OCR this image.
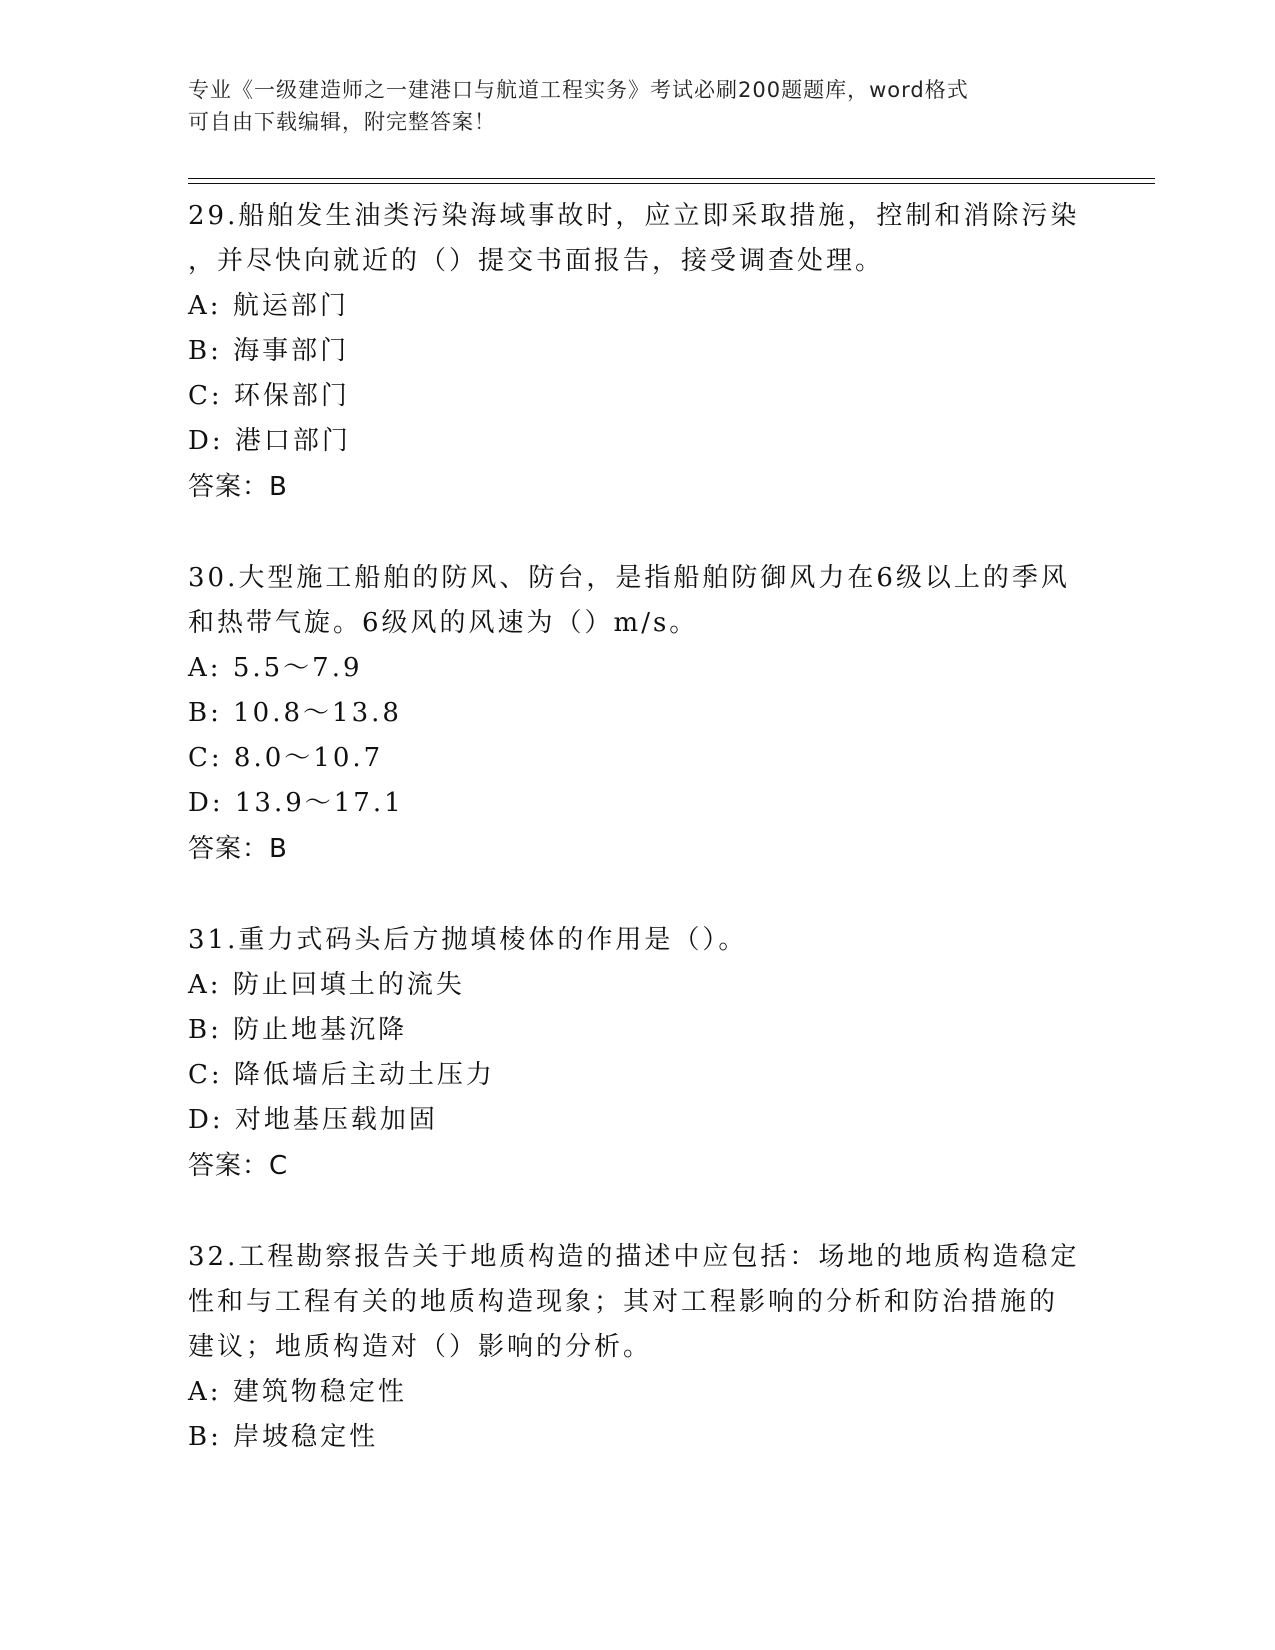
专业《一级建造师之一建港口与航道工程实务》考试必刷200题题库，word格式
可自由下载编辑，附完整答案！

29.船舶发生油类污染海域事故时，应立即采取措施，控制和消除污染
，并尽快向就近的（）提交书面报告，接受调查处理。

A: 航运部门

B: 海事部门

C: 环保部门

D: 港口部门

答案：B

30.大型施工船舶的防风、防台，是指船舶防御风力在6级以上的季风
和热带气旋。6级风的风速为（）m/s。

A: 5.5～7.9

B: 10.8～13.8

C: 8.0～10.7

D: 13.9～17.1

答案：B

31.重力式码头后方抛填棱体的作用是（）。

A: 防止回填土的流失

B: 防止地基沉降

C: 降低墙后主动土压力

D: 对地基压载加固

答案：C

32.工程勘察报告关于地质构造的描述中应包括：场地的地质构造稳定
性和与工程有关的地质构造现象；其对工程影响的分析和防治措施的
建议；地质构造对（）影响的分析。

A: 建筑物稳定性

B: 岸坡稳定性
